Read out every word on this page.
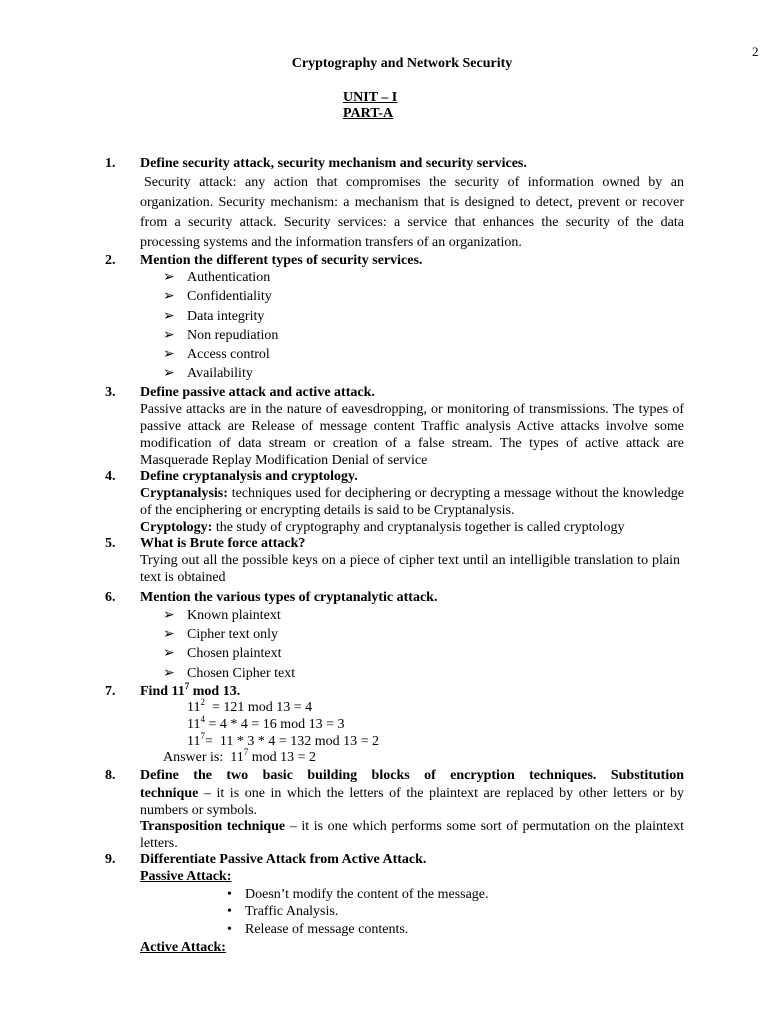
2
Cryptography and Network Security
UNIT – I
PART-A
1. Define security attack, security mechanism and security services.
Security attack: any action that compromises the security of information owned by an organization. Security mechanism: a mechanism that is designed to detect, prevent or recover from a security attack. Security services: a service that enhances the security of the data processing systems and the information transfers of an organization.
2. Mention the different types of security services.
➢ Authentication
➢ Confidentiality
➢ Data integrity
➢ Non repudiation
➢ Access control
➢ Availability
3. Define passive attack and active attack.
Passive attacks are in the nature of eavesdropping, or monitoring of transmissions. The types of passive attack are Release of message content Traffic analysis Active attacks involve some modification of data stream or creation of a false stream. The types of active attack are Masquerade Replay Modification Denial of service
4. Define cryptanalysis and cryptology.
Cryptanalysis: techniques used for deciphering or decrypting a message without the knowledge of the enciphering or encrypting details is said to be Cryptanalysis.
Cryptology: the study of cryptography and cryptanalysis together is called cryptology
5. What is Brute force attack?
Trying out all the possible keys on a piece of cipher text until an intelligible translation to plain text is obtained
6. Mention the various types of cryptanalytic attack.
➢ Known plaintext
➢ Cipher text only
➢ Chosen plaintext
➢ Chosen Cipher text
7. Find $11^7$ mod 13.
$11^2 = 121$ mod 13 = 4
$11^4 = 4 * 4 = 16$ mod 13 = 3
$11^7= 11 * 3 * 4 = 132$ mod 13 = 2
Answer is:  $11^7$ mod 13 = 2
8. Define the two basic building blocks of encryption techniques. Substitution
technique – it is one in which the letters of the plaintext are replaced by other letters or by numbers or symbols.
Transposition technique – it is one which performs some sort of permutation on the plaintext letters.
9. Differentiate Passive Attack from Active Attack.
Passive Attack:
• Doesn’t modify the content of the message.
• Traffic Analysis.
• Release of message contents.
Active Attack:
